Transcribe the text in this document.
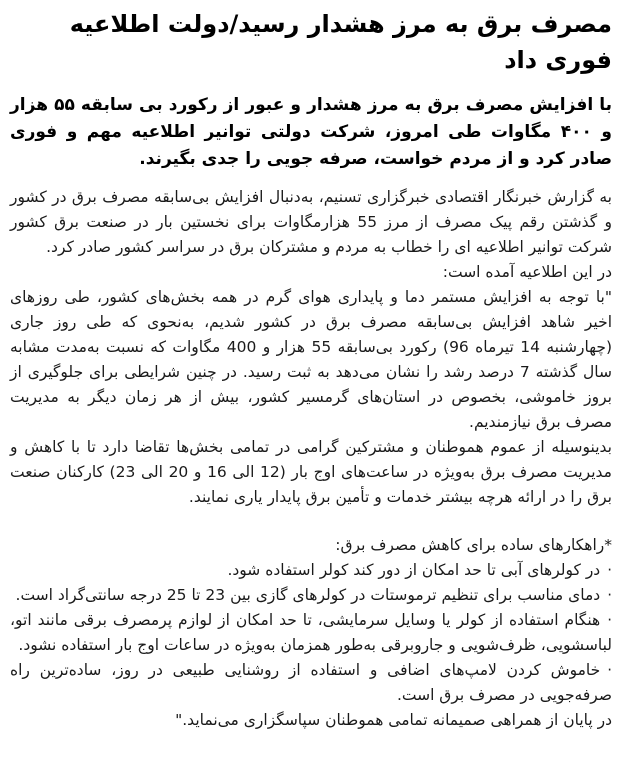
مصرف برق به مرز هشدار رسید/دولت اطلاعیه فوری داد

با افزایش مصرف برق به مرز هشدار و عبور از رکورد بی سابقه ۵۵ هزار و ۴۰۰ مگاوات طی امروز، شرکت دولتی توانیر اطلاعیه مهم و فوری صادر کرد و از مردم خواست، صرفه جویی را جدی بگیرند.

به گزارش خبرنگار اقتصادی خبرگزاری تسنیم، به‌دنبال افزایش بی‌سابقه مصرف برق در کشور و گذشتن رقم پیک مصرف از مرز 55 هزارمگاوات برای نخستین بار در صنعت برق کشور شرکت توانیر اطلاعیه ای را خطاب به مردم و مشترکان برق در سراسر کشور صادر کرد.

در این اطلاعیه آمده است:

"با توجه به افزایش مستمر دما و پایداری هوای گرم در همه بخش‌های کشور، طی روزهای اخیر شاهد افزایش بی‌سابقه مصرف برق در کشور شدیم، به‌نحوی که طی روز جاری (چهارشنبه 14 تیرماه 96) رکورد بی‌سابقه 55 هزار و 400 مگاوات که نسبت به‌مدت مشابه سال گذشته 7 درصد رشد را نشان می‌دهد به ثبت رسید. در چنین شرایطی برای جلوگیری از بروز خاموشی، بخصوص در استان‌های گرمسیر کشور، بیش از هر زمان دیگر به مدیریت مصرف برق نیازمندیم.

بدینوسیله از عموم هموطنان و مشترکین گرامی در تمامی بخش‌ها تقاضا دارد تا با کاهش و مدیریت مصرف برق به‌ویژه در ساعت‌های اوج بار (12 الی 16 و 20 الی 23) کارکنان صنعت برق را در ارائه هرچه بیشتر خدمات و تأمین برق پایدار یاری نمایند.

*راهکارهای ساده برای کاهش مصرف برق:

·در کولرهای آبی تا حد امکان از دور کند کولر استفاده شود.
·دمای مناسب برای تنظیم ترموستات در کولرهای گازی بین 23 تا 25 درجه سانتی‌گراد است.
·هنگام استفاده از کولر یا وسایل سرمایشی، تا حد امکان از لوازم پرمصرف برقی مانند اتو، لباسشویی، ظرف‌شویی و جاروبرقی به‌طور همزمان به‌ویژه در ساعات اوج بار استفاده نشود.
·خاموش کردن لامپ‌های اضافی و استفاده از روشنایی طبیعی در روز، ساده‌ترین راه صرفه‌جویی در مصرف برق است.

در پایان از همراهی صمیمانه تمامی هموطنان سپاسگزاری می‌نماید."
